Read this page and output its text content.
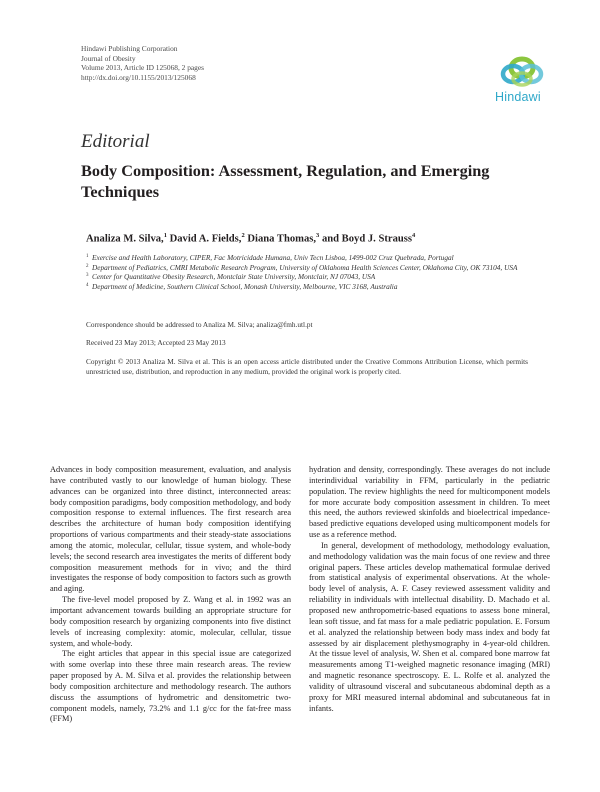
Hindawi Publishing Corporation
Journal of Obesity
Volume 2013, Article ID 125068, 2 pages
http://dx.doi.org/10.1155/2013/125068
Hindawi
Editorial
Body Composition: Assessment, Regulation, and Emerging Techniques
Analiza M. Silva,$^1$ David A. Fields,$^2$ Diana Thomas,$^3$ and Boyd J. Strauss$^4$
1 Exercise and Health Laboratory, CIPER, Fac Motricidade Humana, Univ Tecn Lisboa, 1499-002 Cruz Quebrada, Portugal
2 Department of Pediatrics, CMRI Metabolic Research Program, University of Oklahoma Health Sciences Center, Oklahoma City, OK 73104, USA
3 Center for Quantitative Obesity Research, Montclair State University, Montclair, NJ 07043, USA
4 Department of Medicine, Southern Clinical School, Monash University, Melbourne, VIC 3168, Australia
Correspondence should be addressed to Analiza M. Silva; analiza@fmh.utl.pt
Received 23 May 2013; Accepted 23 May 2013
Copyright © 2013 Analiza M. Silva et al. This is an open access article distributed under the Creative Commons Attribution License, which permits unrestricted use, distribution, and reproduction in any medium, provided the original work is properly cited.

Advances in body composition measurement, evaluation, and analysis have contributed vastly to our knowledge of human biology. These advances can be organized into three distinct, interconnected areas: body composition paradigms, body composition methodology, and body composition response to external influences. The first research area describes the architecture of human body composition identifying proportions of various compartments and their steady-state associations among the atomic, molecular, cellular, tissue system, and whole-body levels; the second research area investigates the merits of different body composition measurement methods for in vivo; and the third investigates the response of body composition to factors such as growth and aging.

The five-level model proposed by Z. Wang et al. in 1992 was an important advancement towards building an appropriate structure for body composition research by organizing components into five distinct levels of increasing complexity: atomic, molecular, cellular, tissue system, and whole-body.

The eight articles that appear in this special issue are categorized with some overlap into these three main research areas. The review paper proposed by A. M. Silva et al. provides the relationship between body composition architecture and methodology research. The authors discuss the assumptions of hydrometric and densitometric two-component models, namely, 73.2% and 1.1 g/cc for the fat-free mass (FFM)

hydration and density, correspondingly. These averages do not include interindividual variability in FFM, particularly in the pediatric population. The review highlights the need for multicomponent models for more accurate body composition assessment in children. To meet this need, the authors reviewed skinfolds and bioelectrical impedance-based predictive equations developed using multicomponent models for use as a reference method.

In general, development of methodology, methodology evaluation, and methodology validation was the main focus of one review and three original papers. These articles develop mathematical formulae derived from statistical analysis of experimental observations. At the whole-body level of analysis, A. F. Casey reviewed assessment validity and reliability in individuals with intellectual disability. D. Machado et al. proposed new anthropometric-based equations to assess bone mineral, lean soft tissue, and fat mass for a male pediatric population. E. Forsum et al. analyzed the relationship between body mass index and body fat assessed by air displacement plethysmography in 4-year-old children. At the tissue level of analysis, W. Shen et al. compared bone marrow fat measurements among T1-weighed magnetic resonance imaging (MRI) and magnetic resonance spectroscopy. E. L. Rolfe et al. analyzed the validity of ultrasound visceral and subcutaneous abdominal depth as a proxy for MRI measured internal abdominal and subcutaneous fat in infants.
